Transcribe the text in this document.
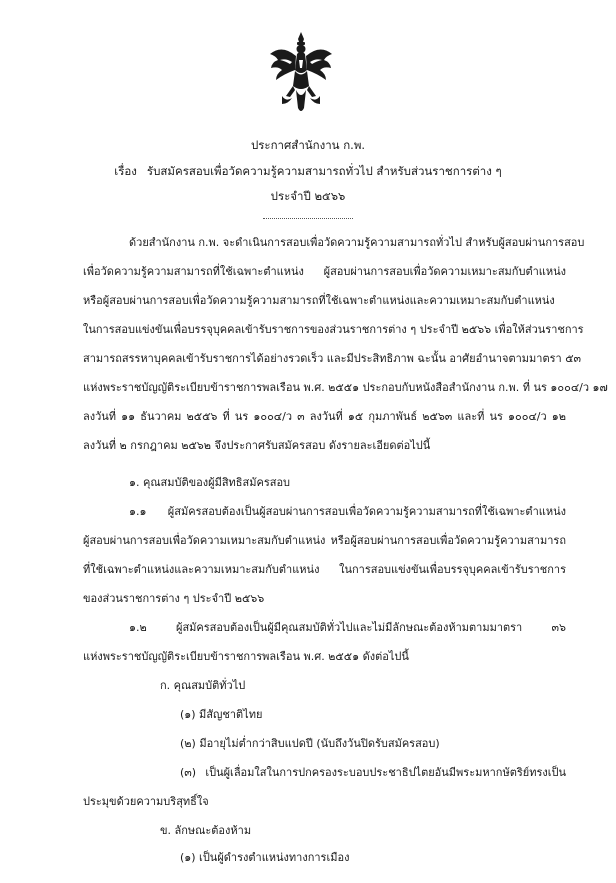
ประกาศสำนักงาน ก.พ.
เรื่อง รับสมัครสอบเพื่อวัดความรู้ความสามารถทั่วไป สำหรับส่วนราชการต่าง ๆ
ประจำปี ๒๕๖๖
ด้วยสำนักงาน ก.พ. จะดำเนินการสอบเพื่อวัดความรู้ความสามารถทั่วไป สำหรับผู้สอบผ่านการสอบ
เพื่อวัดความรู้ความสามารถที่ใช้เฉพาะตำแหน่ง ผู้สอบผ่านการสอบเพื่อวัดความเหมาะสมกับตำแหน่ง
หรือผู้สอบผ่านการสอบเพื่อวัดความรู้ความสามารถที่ใช้เฉพาะตำแหน่งและความเหมาะสมกับตำแหน่ง
ในการสอบแข่งขันเพื่อบรรจุบุคคลเข้ารับราชการของส่วนราชการต่าง ๆ ประจำปี ๒๕๖๖ เพื่อให้ส่วนราชการ
สามารถสรรหาบุคคลเข้ารับราชการได้อย่างรวดเร็ว และมีประสิทธิภาพ ฉะนั้น อาศัยอำนาจตามมาตรา ๕๓
แห่งพระราชบัญญัติระเบียบข้าราชการพลเรือน พ.ศ. ๒๕๕๑ ประกอบกับหนังสือสำนักงาน ก.พ. ที่ นร ๑๐๐๔/ว ๑๗
ลงวันที่ ๑๑ ธันวาคม ๒๕๕๖ ที่ นร ๑๐๐๔/ว ๓ ลงวันที่ ๑๕ กุมภาพันธ์ ๒๕๖๓ และที่ นร ๑๐๐๔/ว ๑๒
ลงวันที่ ๒ กรกฎาคม ๒๕๖๒ จึงประกาศรับสมัครสอบ ดังรายละเอียดต่อไปนี้
๑. คุณสมบัติของผู้มีสิทธิสมัครสอบ
๑.๑ ผู้สมัครสอบต้องเป็นผู้สอบผ่านการสอบเพื่อวัดความรู้ความสามารถที่ใช้เฉพาะตำแหน่ง
ผู้สอบผ่านการสอบเพื่อวัดความเหมาะสมกับตำแหน่ง หรือผู้สอบผ่านการสอบเพื่อวัดความรู้ความสามารถ
ที่ใช้เฉพาะตำแหน่งและความเหมาะสมกับตำแหน่ง ในการสอบแข่งขันเพื่อบรรจุบุคคลเข้ารับราชการ
ของส่วนราชการต่าง ๆ ประจำปี ๒๕๖๖
๑.๒ ผู้สมัครสอบต้องเป็นผู้มีคุณสมบัติทั่วไปและไม่มีลักษณะต้องห้ามตามมาตรา ๓๖
แห่งพระราชบัญญัติระเบียบข้าราชการพลเรือน พ.ศ. ๒๕๕๑ ดังต่อไปนี้
ก. คุณสมบัติทั่วไป
(๑) มีสัญชาติไทย
(๒) มีอายุไม่ต่ำกว่าสิบแปดปี (นับถึงวันปิดรับสมัครสอบ)
(๓) เป็นผู้เลื่อมใสในการปกครองระบอบประชาธิปไตยอันมีพระมหากษัตริย์ทรงเป็น
ประมุขด้วยความบริสุทธิ์ใจ
ข. ลักษณะต้องห้าม
(๑) เป็นผู้ดำรงตำแหน่งทางการเมือง
